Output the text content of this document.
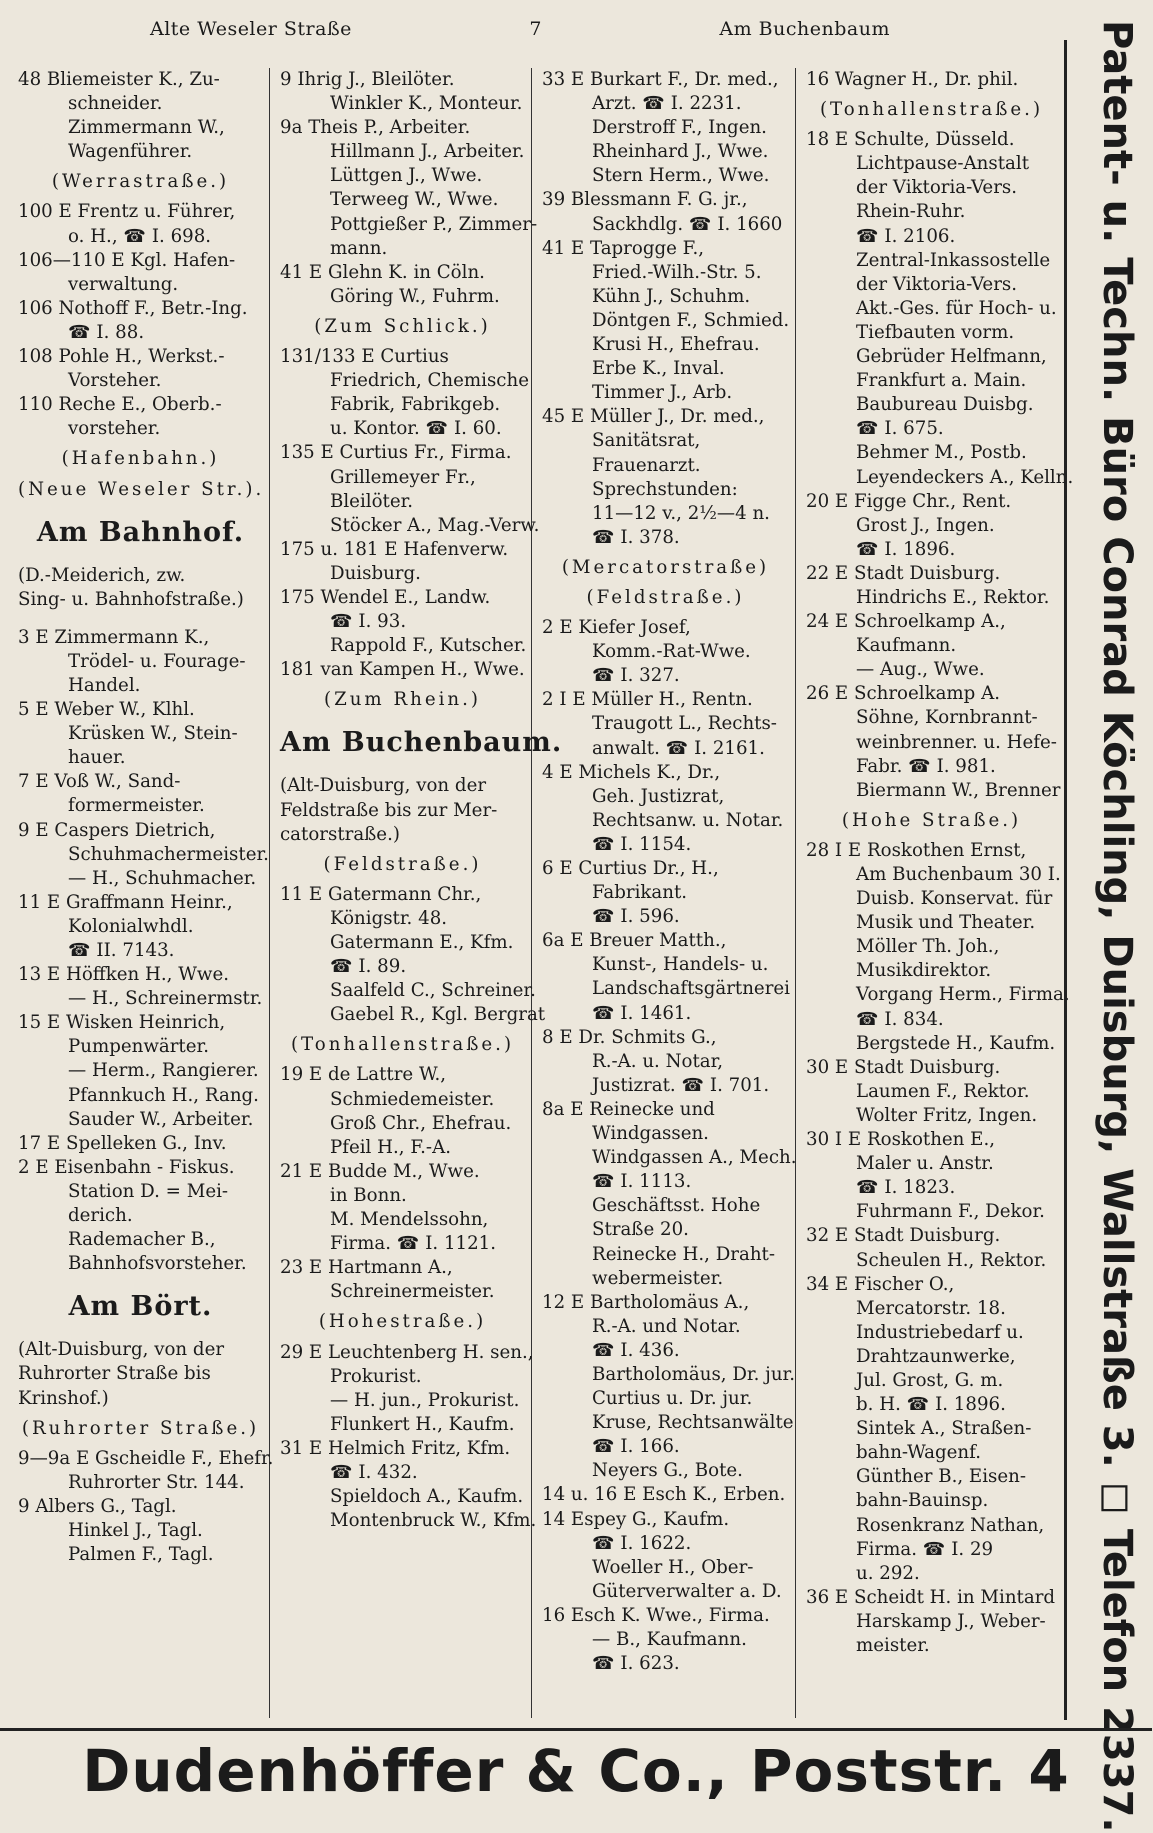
Alte Weseler Straße	7	Am Buchenbaum

48 Bliemeister K., Zu-

schneider.

Zimmermann W.,

Wagenführer.

(Werrastraße.)

100 E Frentz u. Führer,

o. H., ☎ I. 698.

106—110 E Kgl. Hafen-

verwaltung.

106 Nothoff F., Betr.-Ing.

☎ I. 88.

108 Pohle H., Werkst.-

Vorsteher.

110 Reche E., Oberb.-

vorsteher.

(Hafenbahn.)

(Neue Weseler Str.).

Am Bahnhof.

(D.-Meiderich, zw.

Sing- u. Bahnhofstraße.)

3 E Zimmermann K.,

Trödel- u. Fourage-

Handel.

5 E Weber W., Klhl.

Krüsken W., Stein-

hauer.

7 E Voß W., Sand-

formermeister.

9 E Caspers Dietrich,

Schuhmachermeister.

— H., Schuhmacher.

11 E Graffmann Heinr.,

Kolonialwhdl.

☎ II. 7143.

13 E Höffken H., Wwe.

— H., Schreinermstr.

15 E Wisken Heinrich,

Pumpenwärter.

— Herm., Rangierer.

Pfannkuch H., Rang.

Sauder W., Arbeiter.

17 E Spelleken G., Inv.

2 E Eisenbahn - Fiskus.

Station D. = Mei-

derich.

Rademacher B.,

Bahnhofsvorsteher.

Am Bört.

(Alt-Duisburg, von der

Ruhrorter Straße bis

Krinshof.)

(Ruhrorter Straße.)

9—9a E Gscheidle F., Ehefr.

Ruhrorter Str. 144.

9 Albers G., Tagl.

Hinkel J., Tagl.

Palmen F., Tagl.

9 Ihrig J., Bleilöter.

Winkler K., Monteur.

9a Theis P., Arbeiter.

Hillmann J., Arbeiter.

Lüttgen J., Wwe.

Terweeg W., Wwe.

Pottgießer P., Zimmer-

mann.

41 E Glehn K. in Cöln.

Göring W., Fuhrm.

(Zum Schlick.)

131/133 E Curtius

Friedrich, Chemische

Fabrik, Fabrikgeb.

u. Kontor. ☎ I. 60.

135 E Curtius Fr., Firma.

Grillemeyer Fr.,

Bleilöter.

Stöcker A., Mag.-Verw.

175 u. 181 E Hafenverw.

Duisburg.

175 Wendel E., Landw.

☎ I. 93.

Rappold F., Kutscher.

181 van Kampen H., Wwe.

(Zum Rhein.)

Am Buchenbaum.

(Alt-Duisburg, von der

Feldstraße bis zur Mer-

catorstraße.)

(Feldstraße.)

11 E Gatermann Chr.,

Königstr. 48.

Gatermann E., Kfm.

☎ I. 89.

Saalfeld C., Schreiner.

Gaebel R., Kgl. Bergrat

(Tonhallenstraße.)

19 E de Lattre W.,

Schmiedemeister.

Groß Chr., Ehefrau.

Pfeil H., F.-A.

21 E Budde M., Wwe.

in Bonn.

M. Mendelssohn,

Firma. ☎ I. 1121.

23 E Hartmann A.,

Schreinermeister.

(Hohestraße.)

29 E Leuchtenberg H. sen.,

Prokurist.

— H. jun., Prokurist.

Flunkert H., Kaufm.

31 E Helmich Fritz, Kfm.

☎ I. 432.

Spieldoch A., Kaufm.

Montenbruck W., Kfm.

33 E Burkart F., Dr. med.,

Arzt. ☎ I. 2231.

Derstroff F., Ingen.

Rheinhard J., Wwe.

Stern Herm., Wwe.

39 Blessmann F. G. jr.,

Sackhdlg. ☎ I. 1660

41 E Taprogge F.,

Fried.-Wilh.-Str. 5.

Kühn J., Schuhm.

Döntgen F., Schmied.

Krusi H., Ehefrau.

Erbe K., Inval.

Timmer J., Arb.

45 E Müller J., Dr. med.,

Sanitätsrat,

Frauenarzt.

Sprechstunden:

11—12 v., 2½—4 n.

☎ I. 378.

(Mercatorstraße)

(Feldstraße.)

2 E Kiefer Josef,

Komm.-Rat-Wwe.

☎ I. 327.

2 I E Müller H., Rentn.

Traugott L., Rechts-

anwalt. ☎ I. 2161.

4 E Michels K., Dr.,

Geh. Justizrat,

Rechtsanw. u. Notar.

☎ I. 1154.

6 E Curtius Dr., H.,

Fabrikant.

☎ I. 596.

6a E Breuer Matth.,

Kunst-, Handels- u.

Landschaftsgärtnerei

☎ I. 1461.

8 E Dr. Schmits G.,

R.-A. u. Notar,

Justizrat. ☎ I. 701.

8a E Reinecke und

Windgassen.

Windgassen A., Mech.

☎ I. 1113.

Geschäftsst. Hohe

Straße 20.

Reinecke H., Draht-

webermeister.

12 E Bartholomäus A.,

R.-A. und Notar.

☎ I. 436.

Bartholomäus, Dr. jur.

Curtius u. Dr. jur.

Kruse, Rechtsanwälte

☎ I. 166.

Neyers G., Bote.

14 u. 16 E Esch K., Erben.

14 Espey G., Kaufm.

☎ I. 1622.

Woeller H., Ober-

Güterverwalter a. D.

16 Esch K. Wwe., Firma.

— B., Kaufmann.

☎ I. 623.

16 Wagner H., Dr. phil.

(Tonhallenstraße.)

18 E Schulte, Düsseld.

Lichtpause-Anstalt

der Viktoria-Vers.

Rhein-Ruhr.

☎ I. 2106.

Zentral-Inkassostelle

der Viktoria-Vers.

Akt.-Ges. für Hoch- u.

Tiefbauten vorm.

Gebrüder Helfmann,

Frankfurt a. Main.

Baubureau Duisbg.

☎ I. 675.

Behmer M., Postb.

Leyendeckers A., Kelln.

20 E Figge Chr., Rent.

Grost J., Ingen.

☎ I. 1896.

22 E Stadt Duisburg.

Hindrichs E., Rektor.

24 E Schroelkamp A.,

Kaufmann.

— Aug., Wwe.

26 E Schroelkamp A.

Söhne, Kornbrannt-

weinbrenner. u. Hefe-

Fabr. ☎ I. 981.

Biermann W., Brenner

(Hohe Straße.)

28 I E Roskothen Ernst,

Am Buchenbaum 30 I.

Duisb. Konservat. für

Musik und Theater.

Möller Th. Joh.,

Musikdirektor.

Vorgang Herm., Firma.

☎ I. 834.

Bergstede H., Kaufm.

30 E Stadt Duisburg.

Laumen F., Rektor.

Wolter Fritz, Ingen.

30 I E Roskothen E.,

Maler u. Anstr.

☎ I. 1823.

Fuhrmann F., Dekor.

32 E Stadt Duisburg.

Scheulen H., Rektor.

34 E Fischer O.,

Mercatorstr. 18.

Industriebedarf u.

Drahtzaunwerke,

Jul. Grost, G. m.

b. H. ☎ I. 1896.

Sintek A., Straßen-

bahn-Wagenf.

Günther B., Eisen-

bahn-Bauinsp.

Rosenkranz Nathan,

Firma. ☎ I. 29

u. 292.

36 E Scheidt H. in Mintard

Harskamp J., Weber-

meister.	Patent- u. Techn. Büro Conrad Köchling, Duisburg, Wallstraße 3. ◻ Telefon 2337.
Dudenhöffer & Co., Poststr. 4
